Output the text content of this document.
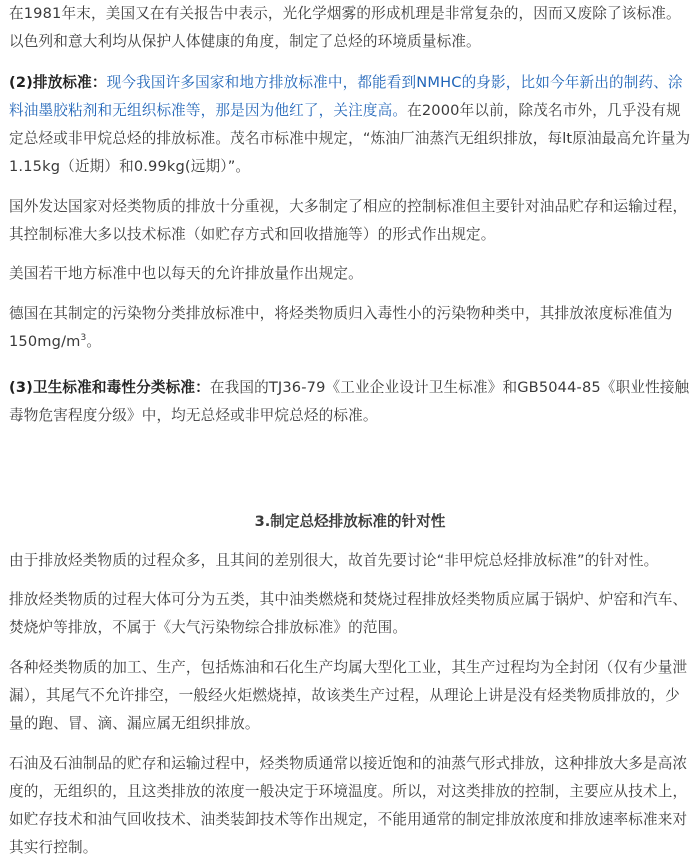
在1981年末，美国又在有关报告中表示，光化学烟雾的形成机理是非常复杂的，因而又废除了该标准。以色列和意大利均从保护人体健康的角度，制定了总烃的环境质量标准。

(2)排放标准：现今我国许多国家和地方排放标准中，都能看到NMHC的身影，比如今年新出的制药、涂料油墨胶粘剂和无组织标准等，那是因为他红了，关注度高。在2000年以前，除茂名市外，几乎没有规定总烃或非甲烷总烃的排放标准。茂名市标准中规定，“炼油厂油蒸汽无组织排放，每lt原油最高允许量为1.15kg（近期）和0.99kg(远期）”。

国外发达国家对烃类物质的排放十分重视，大多制定了相应的控制标准但主要针对油品贮存和运输过程，其控制标准大多以技术标准（如贮存方式和回收措施等）的形式作出规定。

美国若干地方标准中也以每天的允许排放量作出规定。

德国在其制定的污染物分类排放标准中，将烃类物质归入毒性小的污染物种类中，其排放浓度标准值为$150mg/m^3$。

(3)卫生标准和毒性分类标准：在我国的TJ36-79《工业企业设计卫生标准》和GB5044-85《职业性接触毒物危害程度分级》中，均无总烃或非甲烷总烃的标准。

3.制定总烃排放标准的针对性

由于排放烃类物质的过程众多，且其间的差别很大，故首先要讨论“非甲烷总烃排放标准”的针对性。

排放烃类物质的过程大体可分为五类，其中油类燃烧和焚烧过程排放烃类物质应属于锅炉、炉窑和汽车、焚烧炉等排放，不属于《大气污染物综合排放标准》的范围。

各种烃类物质的加工、生产，包括炼油和石化生产均属大型化工业，其生产过程均为全封闭（仅有少量泄漏），其尾气不允许排空，一般经火炬燃烧掉，故该类生产过程，从理论上讲是没有烃类物质排放的，少量的跑、冒、滴、漏应属无组织排放。

石油及石油制品的贮存和运输过程中，烃类物质通常以接近饱和的油蒸气形式排放，这种排放大多是高浓度的，无组织的，且这类排放的浓度一般决定于环境温度。所以，对这类排放的控制，主要应从技术上，如贮存技术和油气回收技术、油类装卸技术等作出规定，不能用通常的制定排放浓度和排放速率标准来对其实行控制。
